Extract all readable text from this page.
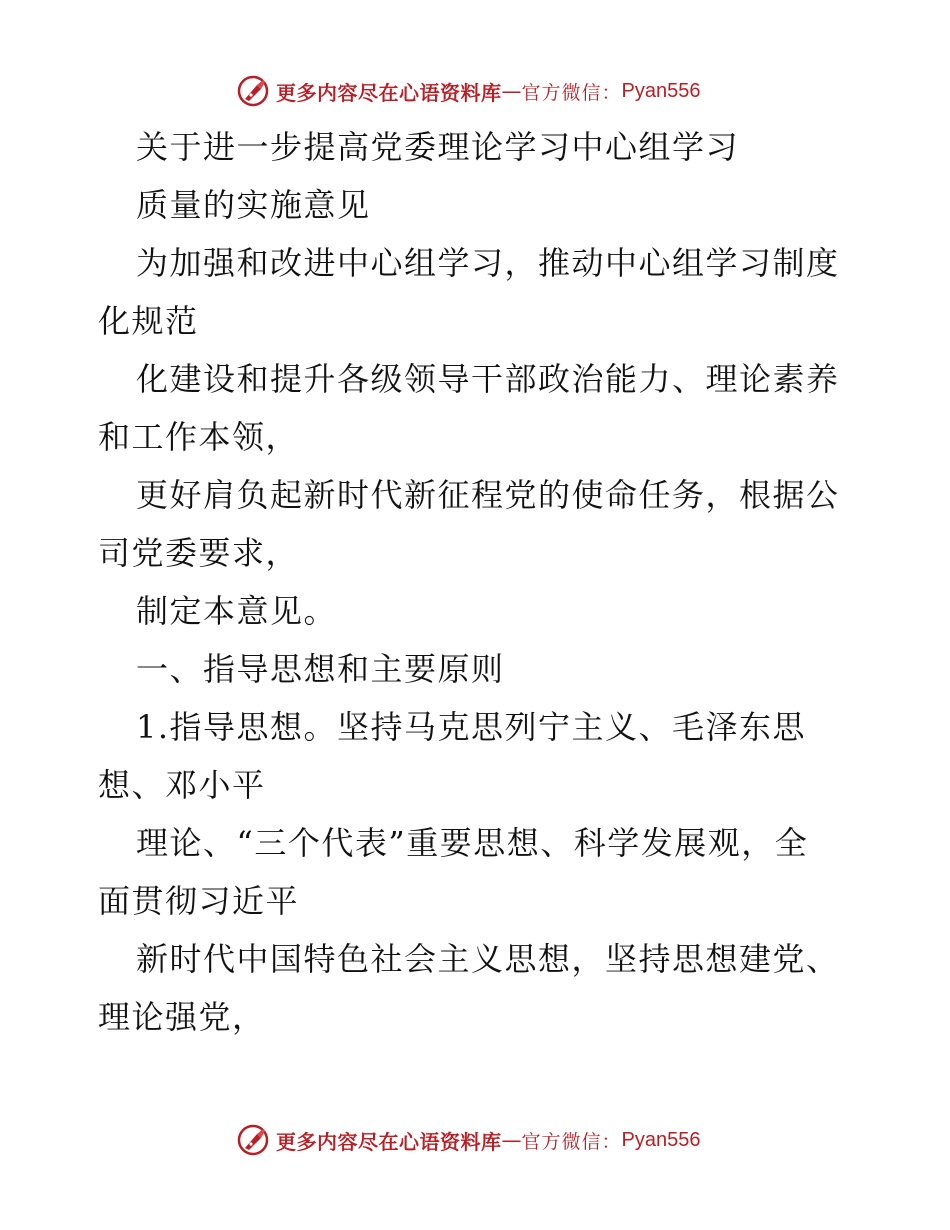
更多内容尽在心语资料库 — 官方微信： Pyan556
关于进一步提高党委理论学习中心组学习
质量的实施意见
为加强和改进中心组学习，推动中心组学习制度
化规范
化建设和提升各级领导干部政治能力、理论素养
和工作本领，
更好肩负起新时代新征程党的使命任务，根据公
司党委要求，
制定本意见。
一、指导思想和主要原则
1.指导思想。坚持马克思列宁主义、毛泽东思
想、邓小平
理论、“三个代表”重要思想、科学发展观，全
面贯彻习近平
新时代中国特色社会主义思想，坚持思想建党、
理论强党，
更多内容尽在心语资料库 — 官方微信： Pyan556
